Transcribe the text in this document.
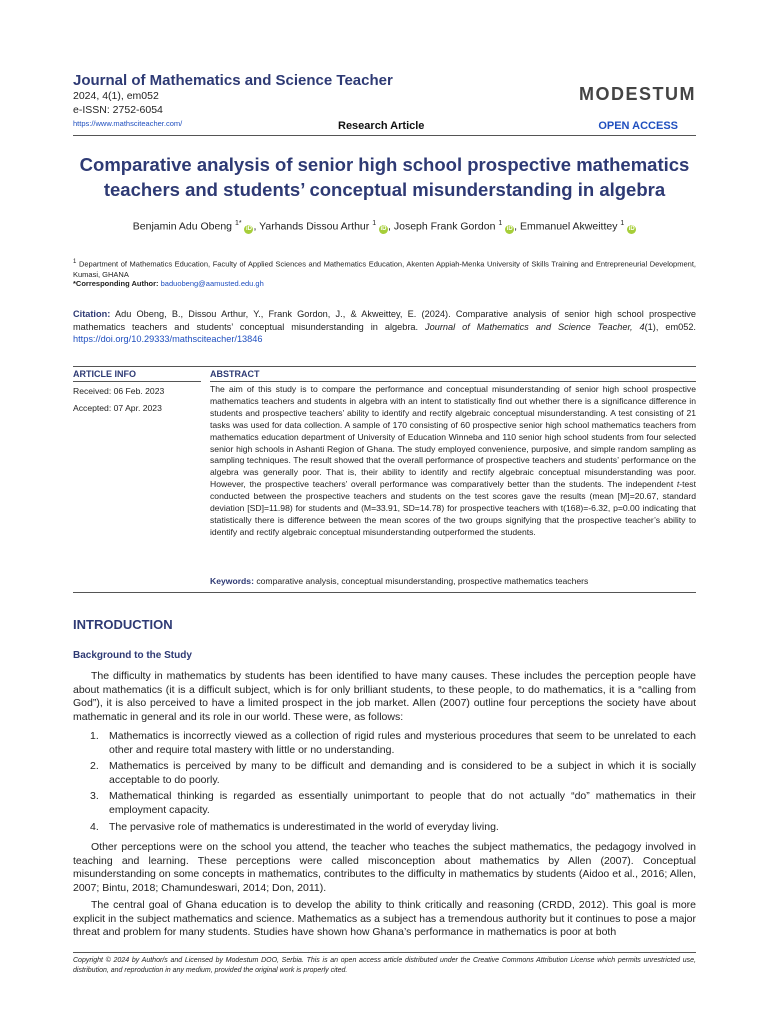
Journal of Mathematics and Science Teacher

2024, 4(1), em052
e-ISSN: 2752-6054
https://www.mathsciteacher.com/
MODESTUM
Research Article	OPEN ACCESS
Comparative analysis of senior high school prospective mathematics teachers and students’ conceptual misunderstanding in algebra
Benjamin Adu Obeng $^{1*}$ iD , Yarhands Dissou Arthur $^1$ iD , Joseph Frank Gordon $^1$ iD , Emmanuel Akweittey $^1$ iD
$^1$ Department of Mathematics Education, Faculty of Applied Sciences and Mathematics Education, Akenten Appiah-Menka University of Skills Training and Entrepreneurial Development, Kumasi, GHANA
*Corresponding Author: baduobeng@aamusted.edu.gh
Citation: Adu Obeng, B., Dissou Arthur, Y., Frank Gordon, J., & Akweittey, E. (2024). Comparative analysis of senior high school prospective mathematics teachers and students’ conceptual misunderstanding in algebra. Journal of Mathematics and Science Teacher, 4(1), em052. https://doi.org/10.29333/mathsciteacher/13846
ARTICLE INFO	ABSTRACT
Received: 06 Feb. 2023
Accepted: 07 Apr. 2023

The aim of this study is to compare the performance and conceptual misunderstanding of senior high school prospective mathematics teachers and students in algebra with an intent to statistically find out whether there is a significance difference in students and prospective teachers’ ability to identify and rectify algebraic conceptual misunderstanding. A test consisting of 21 tasks was used for data collection. A sample of 170 consisting of 60 prospective senior high school mathematics teachers from mathematics education department of University of Education Winneba and 110 senior high school students from four selected senior high schools in Ashanti Region of Ghana. The study employed convenience, purposive, and simple random sampling as sampling techniques. The result showed that the overall performance of prospective teachers and students’ performance on the algebra was generally poor. That is, their ability to identify and rectify algebraic conceptual misunderstanding was poor. However, the prospective teachers’ overall performance was comparatively better than the students. The independent t-test conducted between the prospective teachers and students on the test scores gave the results (mean [M]=20.67, standard deviation [SD]=11.98) for students and (M=33.91, SD=14.78) for prospective teachers with t(168)=-6.32, p=0.00 indicating that statistically there is difference between the mean scores of the two groups signifying that the prospective teacher’s ability to identify and rectify algebraic conceptual misunderstanding outperformed the students.

Keywords: comparative analysis, conceptual misunderstanding, prospective mathematics teachers
INTRODUCTION
Background to the Study

The difficulty in mathematics by students has been identified to have many causes. These includes the perception people have about mathematics (it is a difficult subject, which is for only brilliant students, to these people, to do mathematics, it is a “calling from God”), it is also perceived to have a limited prospect in the job market. Allen (2007) outline four perceptions the society have about mathematic in general and its role in our world. These were, as follows:

1. Mathematics is incorrectly viewed as a collection of rigid rules and mysterious procedures that seem to be unrelated to each other and require total mastery with little or no understanding.
2. Mathematics is perceived by many to be difficult and demanding and is considered to be a subject in which it is socially acceptable to do poorly.
3. Mathematical thinking is regarded as essentially unimportant to people that do not actually “do” mathematics in their employment capacity.
4. The pervasive role of mathematics is underestimated in the world of everyday living.

Other perceptions were on the school you attend, the teacher who teaches the subject mathematics, the pedagogy involved in teaching and learning. These perceptions were called misconception about mathematics by Allen (2007). Conceptual misunderstanding on some concepts in mathematics, contributes to the difficulty in mathematics by students (Aidoo et al., 2016; Allen, 2007; Bintu, 2018; Chamundeswari, 2014; Don, 2011).

The central goal of Ghana education is to develop the ability to think critically and reasoning (CRDD, 2012). This goal is more explicit in the subject mathematics and science. Mathematics as a subject has a tremendous authority but it continues to pose a major threat and problem for many students. Studies have shown how Ghana’s performance in mathematics is poor at both

Copyright © 2024 by Author/s and Licensed by Modestum DOO, Serbia. This is an open access article distributed under the Creative Commons Attribution License which permits unrestricted use, distribution, and reproduction in any medium, provided the original work is properly cited.
